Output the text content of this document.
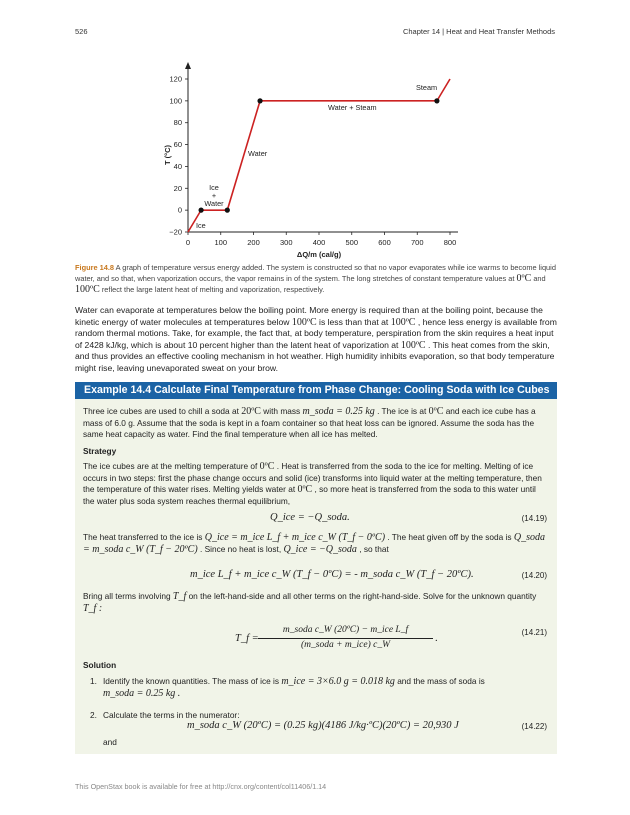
526	Chapter 14 | Heat and Heat Transfer Methods
0	100	200	300	400	500	600	700	800
−20
0
20
40
60
80
100
120
ΔQ/m (cal/g)
T (°C)
Ice
Ice
+
Water
Water
Water + Steam
Steam
Figure 14.8 A graph of temperature versus energy added. The system is constructed so that no vapor evaporates while ice warms to become liquid water, and so that, when vaporization occurs, the vapor remains in of the system. The long stretches of constant temperature values at 0ºC and
100ºC reflect the large latent heat of melting and vaporization, respectively.
Water can evaporate at temperatures below the boiling point. More energy is required than at the boiling point, because the kinetic energy of water molecules at temperatures below 100ºC is less than that at 100ºC , hence less energy is available from random thermal motions. Take, for example, the fact that, at body temperature, perspiration from the skin requires a heat input of 2428 kJ/kg, which is about 10 percent higher than the latent heat of vaporization at 100ºC . This heat comes from the skin, and thus provides an effective cooling mechanism in hot weather. High humidity inhibits evaporation, so that body temperature might rise, leaving unevaporated sweat on your brow.
Example 14.4 Calculate Final Temperature from Phase Change: Cooling Soda with Ice Cubes
Three ice cubes are used to chill a soda at 20ºC with mass m_soda = 0.25 kg . The ice is at 0ºC and each ice cube has a mass of 6.0 g. Assume that the soda is kept in a foam container so that heat loss can be ignored. Assume the soda has the same heat capacity as water. Find the final temperature when all ice has melted.
Strategy
The ice cubes are at the melting temperature of 0ºC . Heat is transferred from the soda to the ice for melting. Melting of ice occurs in two steps: first the phase change occurs and solid (ice) transforms into liquid water at the melting temperature, then the temperature of this water rises. Melting yields water at 0ºC , so more heat is transferred from the soda to this water until the water plus soda system reaches thermal equilibrium,
Q_ice = −Q_soda.	(14.19)
The heat transferred to the ice is Q_ice = m_ice L_f + m_ice c_W (T_f − 0ºC) . The heat given off by the soda is Q_soda = m_soda c_W (T_f − 20ºC) . Since no heat is lost, Q_ice = −Q_soda , so that
m_ice L_f + m_ice c_W (T_f − 0ºC) = - m_soda c_W (T_f − 20ºC).	(14.20)
Bring all terms involving T_f on the left-hand-side and all other terms on the right-hand-side. Solve for the unknown quantity T_f :
T_f =
m_soda c_W (20ºC) − m_ice L_f
(m_soda + m_ice) c_W
.
(14.21)
Solution
1. Identify the known quantities. The mass of ice is m_ice = 3×6.0 g = 0.018 kg and the mass of soda is
m_soda = 0.25 kg .
2. Calculate the terms in the numerator:
m_soda c_W (20ºC) = (0.25 kg)(4186 J/kg·ºC)(20ºC) = 20,930 J	(14.22)
and
This OpenStax book is available for free at http://cnx.org/content/col11406/1.14
